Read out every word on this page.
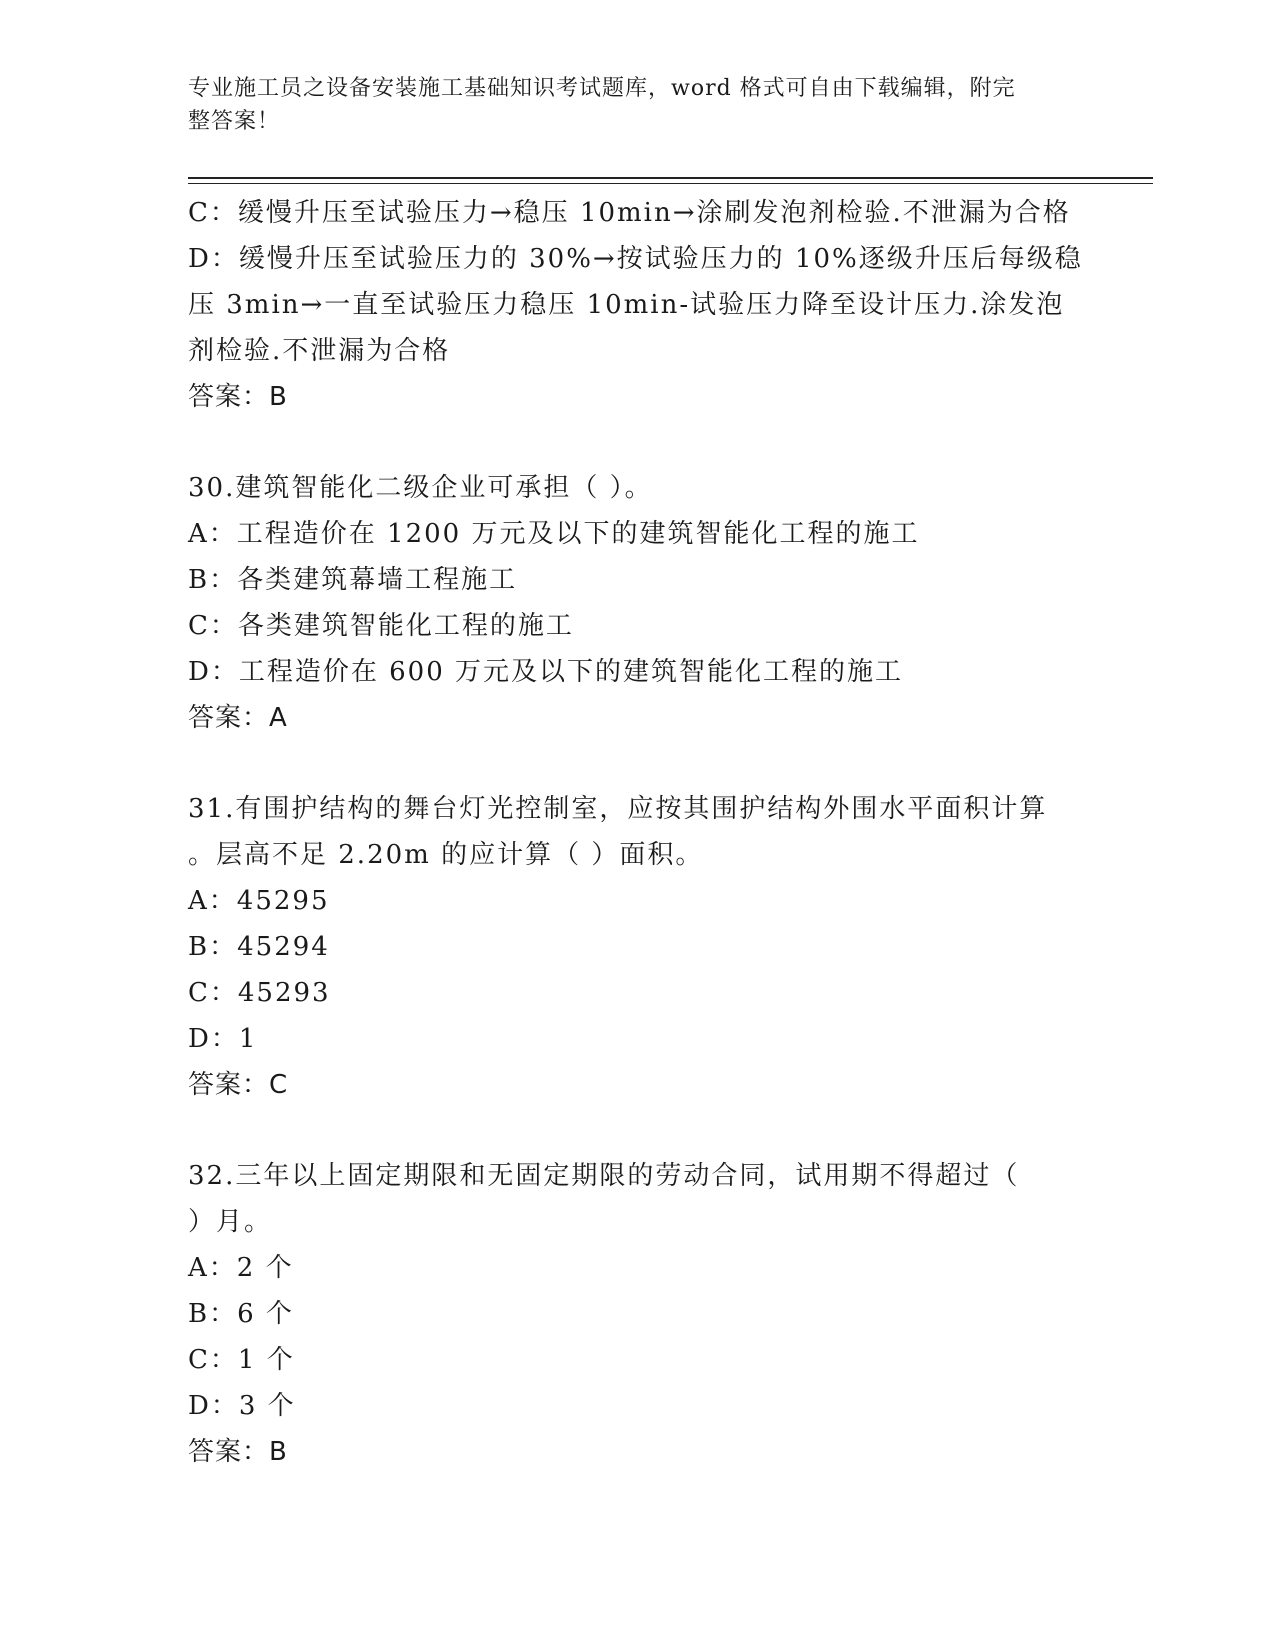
专业施工员之设备安装施工基础知识考试题库，word 格式可自由下载编辑，附完
整答案！
C：缓慢升压至试验压力→稳压 10min→涂刷发泡剂检验.不泄漏为合格
D：缓慢升压至试验压力的 30%→按试验压力的 10%逐级升压后每级稳
压 3min→一直至试验压力稳压 10min-试验压力降至设计压力.涂发泡
剂检验.不泄漏为合格
答案：B
30.建筑智能化二级企业可承担（ ）。
A：工程造价在 1200 万元及以下的建筑智能化工程的施工
B：各类建筑幕墙工程施工
C：各类建筑智能化工程的施工
D：工程造价在 600 万元及以下的建筑智能化工程的施工
答案：A
31.有围护结构的舞台灯光控制室，应按其围护结构外围水平面积计算
。层高不足 2.20m 的应计算（ ）面积。
A：45295
B：45294
C：45293
D：1
答案：C
32.三年以上固定期限和无固定期限的劳动合同，试用期不得超过（
）月。
A：2 个
B：6 个
C：1 个
D：3 个
答案：B
